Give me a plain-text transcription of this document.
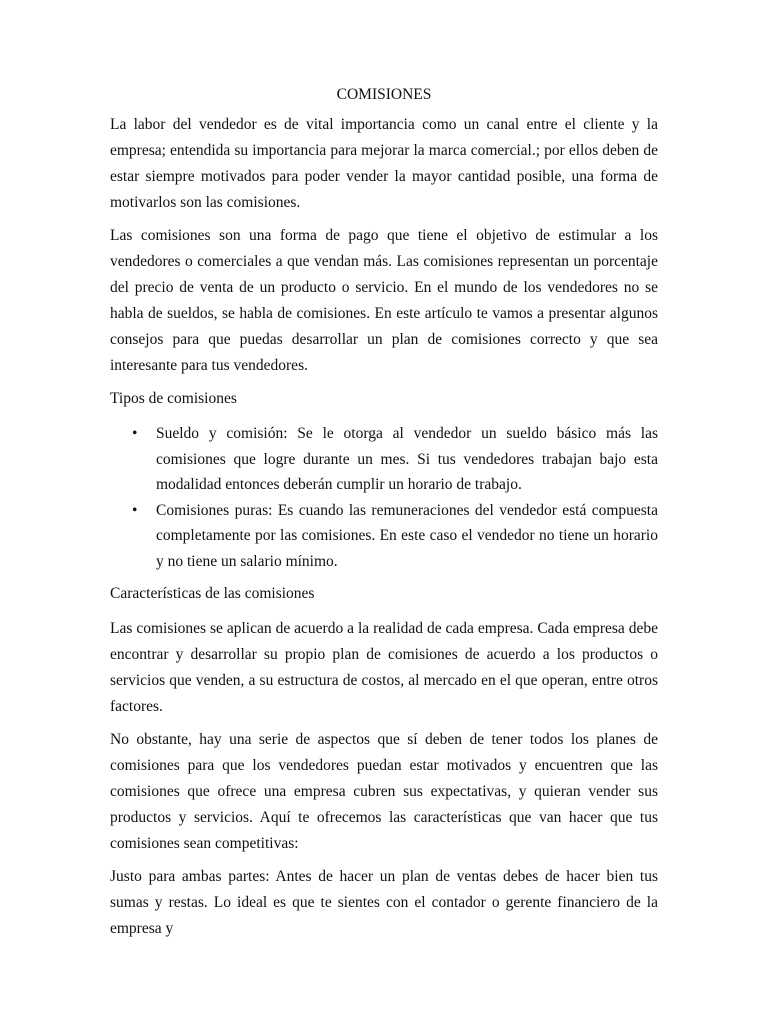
COMISIONES

La labor del vendedor es de vital importancia como un canal entre el cliente y la empresa; entendida su importancia para mejorar la marca comercial.; por ellos deben de estar siempre motivados para poder vender la mayor cantidad posible, una forma de motivarlos son las comisiones.

Las comisiones son una forma de pago que tiene el objetivo de estimular a los vendedores o comerciales a que vendan más. Las comisiones representan un porcentaje del precio de venta de un producto o servicio. En el mundo de los vendedores no se habla de sueldos, se habla de comisiones. En este artículo te vamos a presentar algunos consejos para que puedas desarrollar un plan de comisiones correcto y que sea interesante para tus vendedores.

Tipos de comisiones
• Sueldo y comisión: Se le otorga al vendedor un sueldo básico más las comisiones que logre durante un mes. Si tus vendedores trabajan bajo esta modalidad entonces deberán cumplir un horario de trabajo.
• Comisiones puras: Es cuando las remuneraciones del vendedor está compuesta completamente por las comisiones. En este caso el vendedor no tiene un horario y no tiene un salario mínimo.
Características de las comisiones

Las comisiones se aplican de acuerdo a la realidad de cada empresa. Cada empresa debe encontrar y desarrollar su propio plan de comisiones de acuerdo a los productos o servicios que venden, a su estructura de costos, al mercado en el que operan, entre otros factores.

No obstante, hay una serie de aspectos que sí deben de tener todos los planes de comisiones para que los vendedores puedan estar motivados y encuentren que las comisiones que ofrece una empresa cubren sus expectativas, y quieran vender sus productos y servicios. Aquí te ofrecemos las características que van hacer que tus comisiones sean competitivas:

Justo para ambas partes: Antes de hacer un plan de ventas debes de hacer bien tus sumas y restas. Lo ideal es que te sientes con el contador o gerente financiero de la empresa y
